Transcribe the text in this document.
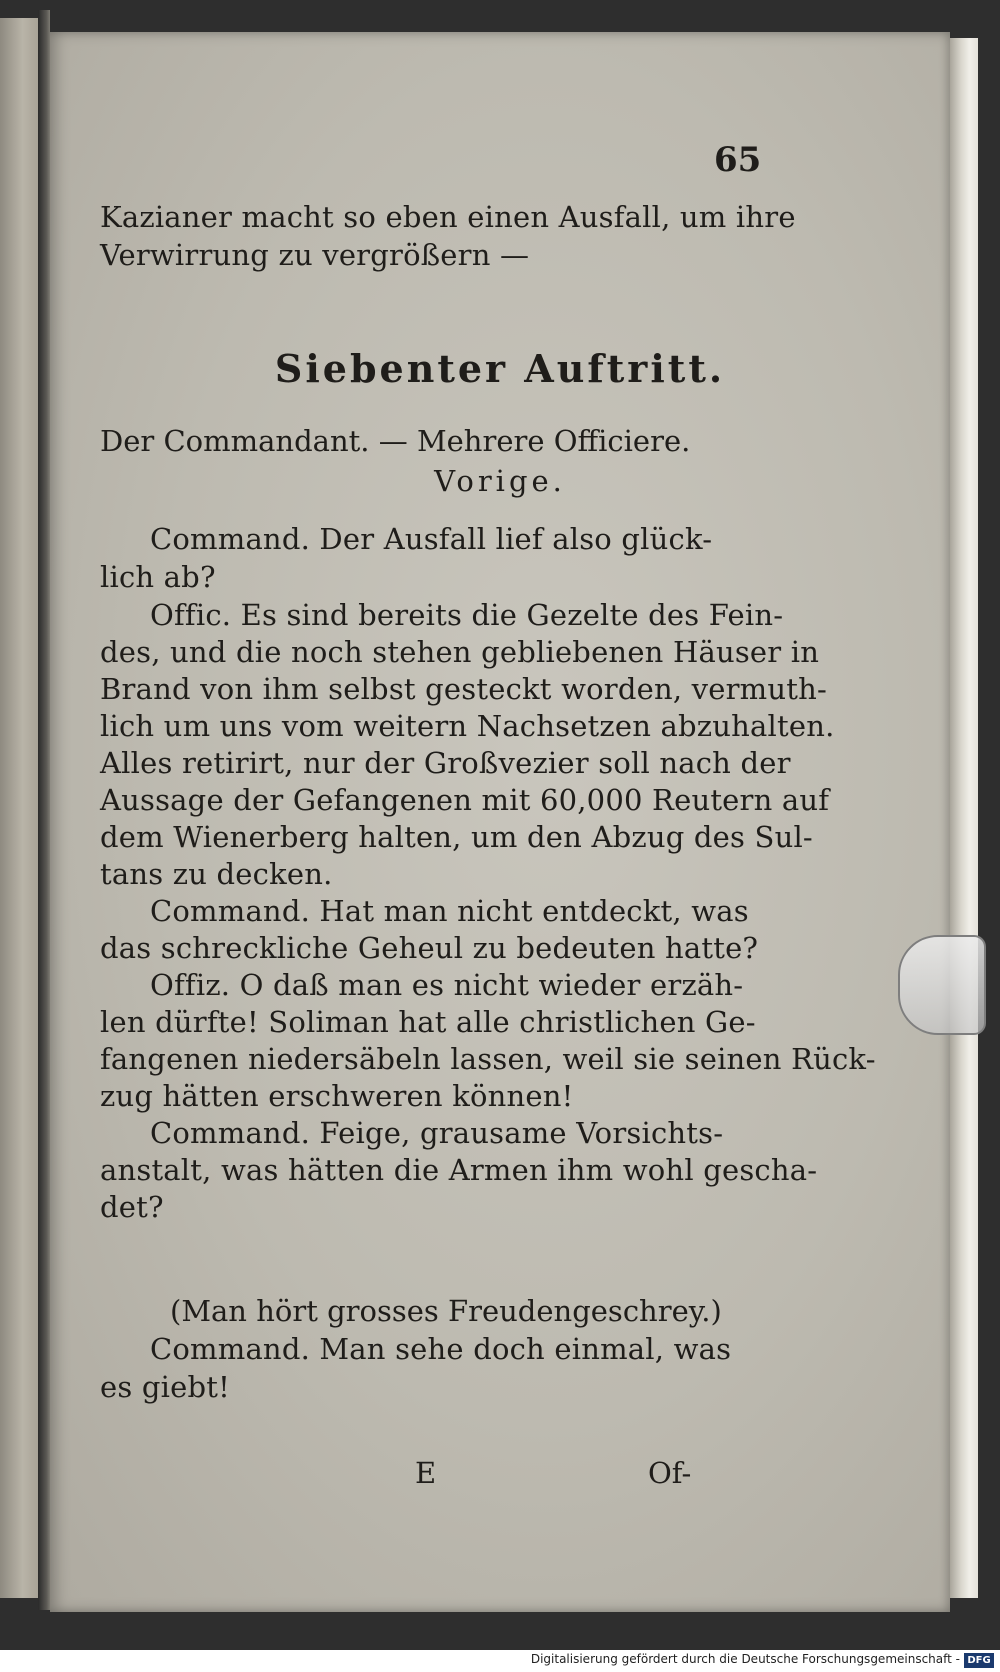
65
Kazianer macht so eben einen Ausfall, um ihre
Verwirrung zu vergrößern —
Siebenter Auftritt.
Der Commandant. — Mehrere Officiere.
Vorige.
Command. Der Ausfall lief also glück-
lich ab?
Offic. Es sind bereits die Gezelte des Fein-
des, und die noch stehen gebliebenen Häuser in
Brand von ihm selbst gesteckt worden, vermuth-
lich um uns vom weitern Nachsetzen abzuhalten.
Alles retirirt, nur der Großvezier soll nach der
Aussage der Gefangenen mit 60,000 Reutern auf
dem Wienerberg halten, um den Abzug des Sul-
tans zu decken.
Command. Hat man nicht entdeckt, was
das schreckliche Geheul zu bedeuten hatte?
Offiz. O daß man es nicht wieder erzäh-
len dürfte! Soliman hat alle christlichen Ge-
fangenen niedersäbeln lassen, weil sie seinen Rück-
zug hätten erschweren können!
Command. Feige, grausame Vorsichts-
anstalt, was hätten die Armen ihm wohl gescha-
det?
(Man hört grosses Freudengeschrey.)
Command. Man sehe doch einmal, was
es giebt!
E	Of-
Digitalisierung gefördert durch die Deutsche Forschungsgemeinschaft - DFG
